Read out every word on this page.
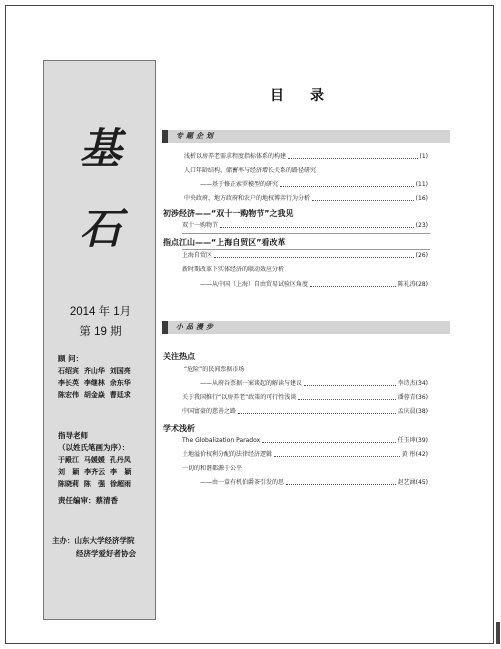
基
石
2014 年 1月
第 19 期
顾 问：
石绍宾  齐山华  刘国亮
李长英  李继林  余东华
陈宏伟  胡金焱  曹廷求
指导老师
（以姓氏笔画为序）：
于殿江  马媛媛  孔丹凤
刘   颖  李齐云  李   颖
陈晓莉  陈   强  徐超雨
责任编审：蔡清香
主办：山东大学经济学院
经济学爱好者协会
目录
专题企划
浅析以房养老需求程度指标体系的构建	(1)
人口年龄结构、储蓄率与经济增长关系的路径研究
——基于修正索罗模型的研究	(11)
中央政府、地方政府和农户的地权博弈行为分析	(16)
初涉经济——“双十一购物节”之我见
双十一购物节	(23)
指点江山——“上海自贸区”看改革
上海自贸区	(26)
新时期改革下实体经济的联动效应分析
——从中国（上海）自由贸易试验区角度	陈礼涛(28)
小品漫步
关注热点
“危险”的民间票据市场
——从府谷票据一案谈起的解读与建议	李诗杰(34)
关于我国推行“以房养老”政策的可行性浅谈	潘蓉青(36)
中国富豪的慈善之路	孟庆晨(38)
学术浅析
The Globalization Paradox	任玉坤(39)
土地溢价权利分配的法律经济逻辑	黄 彤(42)
一切的和谐都源于公平
——由一盒有机伯爵茶引发的思	赵艺涵(45)
